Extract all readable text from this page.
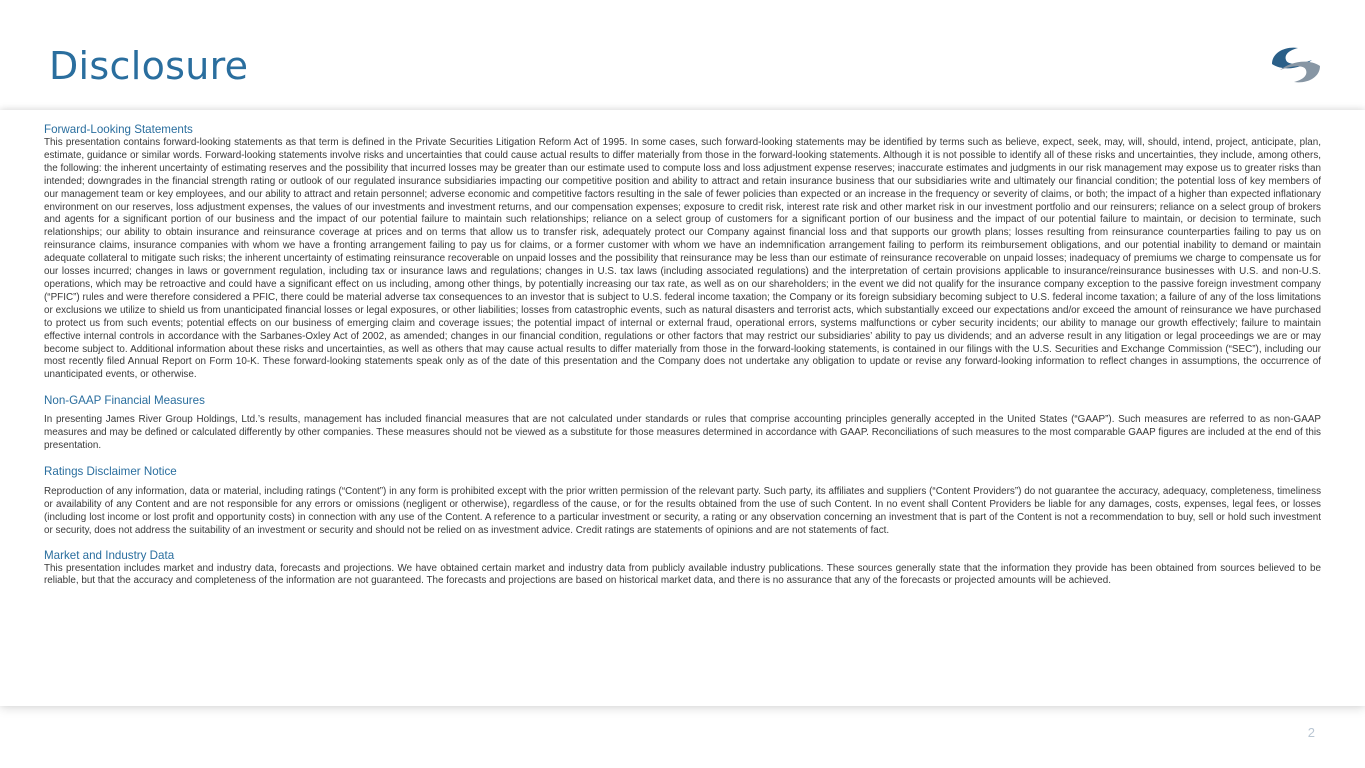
Disclosure

Forward-Looking Statements

This presentation contains forward-looking statements as that term is defined in the Private Securities Litigation Reform Act of 1995. In some cases, such forward-looking statements may be identified by terms such as believe, expect, seek, may, will, should, intend, project, anticipate, plan, estimate, guidance or similar words. Forward-looking statements involve risks and uncertainties that could cause actual results to differ materially from those in the forward-looking statements. Although it is not possible to identify all of these risks and uncertainties, they include, among others, the following: the inherent uncertainty of estimating reserves and the possibility that incurred losses may be greater than our estimate used to compute loss and loss adjustment expense reserves; inaccurate estimates and judgments in our risk management may expose us to greater risks than intended; downgrades in the financial strength rating or outlook of our regulated insurance subsidiaries impacting our competitive position and ability to attract and retain insurance business that our subsidiaries write and ultimately our financial condition; the potential loss of key members of our management team or key employees, and our ability to attract and retain personnel; adverse economic and competitive factors resulting in the sale of fewer policies than expected or an increase in the frequency or severity of claims, or both; the impact of a higher than expected inflationary environment on our reserves, loss adjustment expenses, the values of our investments and investment returns, and our compensation expenses; exposure to credit risk, interest rate risk and other market risk in our investment portfolio and our reinsurers; reliance on a select group of brokers and agents for a significant portion of our business and the impact of our potential failure to maintain such relationships; reliance on a select group of customers for a significant portion of our business and the impact of our potential failure to maintain, or decision to terminate, such relationships; our ability to obtain insurance and reinsurance coverage at prices and on terms that allow us to transfer risk, adequately protect our Company against financial loss and that supports our growth plans; losses resulting from reinsurance counterparties failing to pay us on reinsurance claims, insurance companies with whom we have a fronting arrangement failing to pay us for claims, or a former customer with whom we have an indemnification arrangement failing to perform its reimbursement obligations, and our potential inability to demand or maintain adequate collateral to mitigate such risks; the inherent uncertainty of estimating reinsurance recoverable on unpaid losses and the possibility that reinsurance may be less than our estimate of reinsurance recoverable on unpaid losses; inadequacy of premiums we charge to compensate us for our losses incurred; changes in laws or government regulation, including tax or insurance laws and regulations; changes in U.S. tax laws (including associated regulations) and the interpretation of certain provisions applicable to insurance/reinsurance businesses with U.S. and non-U.S. operations, which may be retroactive and could have a significant effect on us including, among other things, by potentially increasing our tax rate, as well as on our shareholders; in the event we did not qualify for the insurance company exception to the passive foreign investment company (“PFIC”) rules and were therefore considered a PFIC, there could be material adverse tax consequences to an investor that is subject to U.S. federal income taxation; the Company or its foreign subsidiary becoming subject to U.S. federal income taxation; a failure of any of the loss limitations or exclusions we utilize to shield us from unanticipated financial losses or legal exposures, or other liabilities; losses from catastrophic events, such as natural disasters and terrorist acts, which substantially exceed our expectations and/or exceed the amount of reinsurance we have purchased to protect us from such events; potential effects on our business of emerging claim and coverage issues; the potential impact of internal or external fraud, operational errors, systems malfunctions or cyber security incidents; our ability to manage our growth effectively; failure to maintain effective internal controls in accordance with the Sarbanes-Oxley Act of 2002, as amended; changes in our financial condition, regulations or other factors that may restrict our subsidiaries’ ability to pay us dividends; and an adverse result in any litigation or legal proceedings we are or may become subject to. Additional information about these risks and uncertainties, as well as others that may cause actual results to differ materially from those in the forward-looking statements, is contained in our filings with the U.S. Securities and Exchange Commission (“SEC”), including our most recently filed Annual Report on Form 10-K. These forward-looking statements speak only as of the date of this presentation and the Company does not undertake any obligation to update or revise any forward-looking information to reflect changes in assumptions, the occurrence of unanticipated events, or otherwise.

Non-GAAP Financial Measures

In presenting James River Group Holdings, Ltd.’s results, management has included financial measures that are not calculated under standards or rules that comprise accounting principles generally accepted in the United States (“GAAP”). Such measures are referred to as non-GAAP measures and may be defined or calculated differently by other companies. These measures should not be viewed as a substitute for those measures determined in accordance with GAAP. Reconciliations of such measures to the most comparable GAAP figures are included at the end of this presentation.

Ratings Disclaimer Notice

Reproduction of any information, data or material, including ratings (“Content”) in any form is prohibited except with the prior written permission of the relevant party. Such party, its affiliates and suppliers (“Content Providers”) do not guarantee the accuracy, adequacy, completeness, timeliness or availability of any Content and are not responsible for any errors or omissions (negligent or otherwise), regardless of the cause, or for the results obtained from the use of such Content. In no event shall Content Providers be liable for any damages, costs, expenses, legal fees, or losses (including lost income or lost profit and opportunity costs) in connection with any use of the Content. A reference to a particular investment or security, a rating or any observation concerning an investment that is part of the Content is not a recommendation to buy, sell or hold such investment or security, does not address the suitability of an investment or security and should not be relied on as investment advice. Credit ratings are statements of opinions and are not statements of fact.

Market and Industry Data

This presentation includes market and industry data, forecasts and projections. We have obtained certain market and industry data from publicly available industry publications. These sources generally state that the information they provide has been obtained from sources believed to be reliable, but that the accuracy and completeness of the information are not guaranteed. The forecasts and projections are based on historical market data, and there is no assurance that any of the forecasts or projected amounts will be achieved.

2
